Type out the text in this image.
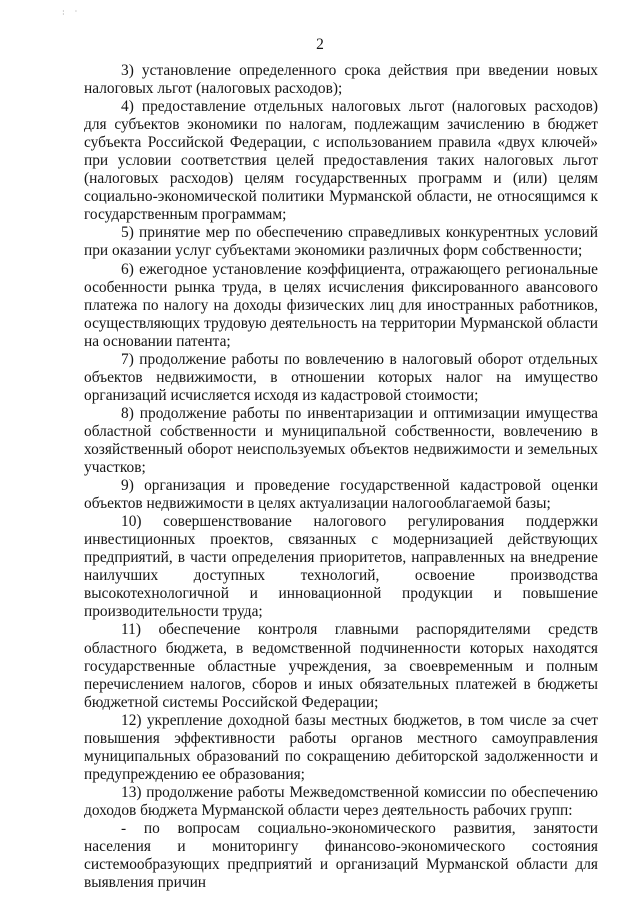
· · ·
2

3) установление определенного срока действия при введении новых налоговых льгот (налоговых расходов);

4) предоставление отдельных налоговых льгот (налоговых расходов) для субъектов экономики по налогам, подлежащим зачислению в бюджет субъекта Российской Федерации, с использованием правила «двух ключей» при условии соответствия целей предоставления таких налоговых льгот (налоговых расходов) целям государственных программ и (или) целям социально-экономической политики Мурманской области, не относящимся к государственным программам;

5) принятие мер по обеспечению справедливых конкурентных условий при оказании услуг субъектами экономики различных форм собственности;

6) ежегодное установление коэффициента, отражающего региональные особенности рынка труда, в целях исчисления фиксированного авансового платежа по налогу на доходы физических лиц для иностранных работников, осуществляющих трудовую деятельность на территории Мурманской области на основании патента;

7) продолжение работы по вовлечению в налоговый оборот отдельных объектов недвижимости, в отношении которых налог на имущество организаций исчисляется исходя из кадастровой стоимости;

8) продолжение работы по инвентаризации и оптимизации имущества областной собственности и муниципальной собственности, вовлечению в хозяйственный оборот неиспользуемых объектов недвижимости и земельных участков;

9) организация и проведение государственной кадастровой оценки объектов недвижимости в целях актуализации налогооблагаемой базы;

10) совершенствование налогового регулирования поддержки инвестиционных проектов, связанных с модернизацией действующих предприятий, в части определения приоритетов, направленных на внедрение наилучших доступных технологий, освоение производства высокотехнологичной и инновационной продукции и повышение производительности труда;

11) обеспечение контроля главными распорядителями средств областного бюджета, в ведомственной подчиненности которых находятся государственные областные учреждения, за своевременным и полным перечислением налогов, сборов и иных обязательных платежей в бюджеты бюджетной системы Российской Федерации;

12) укрепление доходной базы местных бюджетов, в том числе за счет повышения эффективности работы органов местного самоуправления муниципальных образований по сокращению дебиторской задолженности и предупреждению ее образования;

13) продолжение работы Межведомственной комиссии по обеспечению доходов бюджета Мурманской области через деятельность рабочих групп:

- по вопросам социально-экономического развития, занятости населения и мониторингу финансово-экономического состояния системообразующих предприятий и организаций Мурманской области для выявления причин
